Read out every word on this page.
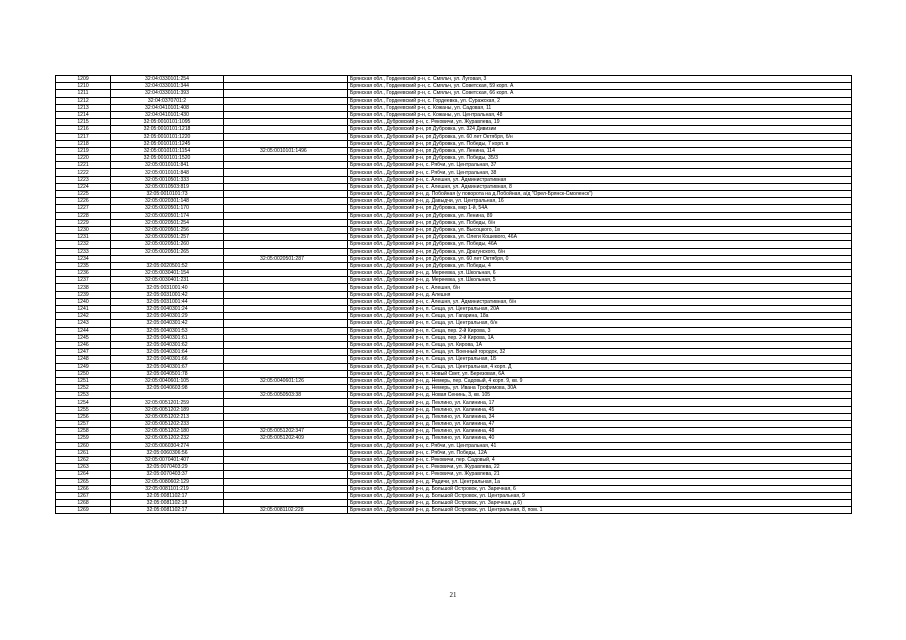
1209	32:04:0330101:254		Брянская обл., Гордеевский р-н, с. Смяльч, ул. Луговая, 3
1210	32:04:0330101:344		Брянская обл., Гордеевский р-н, с. Смяльч, ул. Советская, 59 корп. А
1211	32:04:0330101:393		Брянская обл., Гордеевский р-н, с. Смяльч, ул. Советская, 66 корп. А
1212	32:04:0370701:2		Брянская обл., Гордеевский р-н, с. Гордеевка, ул. Суражская, 2
1213	32:04:0410101:408		Брянская обл., Гордеевский р-н, с. Кожаны, ул. Садовая, 11
1214	32:04:0410101:430		Брянская обл., Гордеевский р-н, с. Кожаны, ул. Центральная, 48
1215	32:05:0010101:1095		Брянская обл., Дубровский р-н, с. Рековичи, ул. Журавлева, 19
1216	32:05:0010101:1218		Брянская обл., Дубровский р-н, рп Дубровка, ул. 324 Дивизии
1217	32:05:0010101:1220		Брянская обл., Дубровский р-н, рп Дубровка, ул. 60 лет Октября, б/н
1218	32:05:0010101:1245		Брянская обл., Дубровский р-н, рп Дубровка, ул. Победы, 7 корп. в
1219	32:05:0010101:1154	32:05:0010101:1496	Брянская обл., Дубровский р-н, рп Дубровка, ул. Ленина, 114
1220	32:05:0010101:1520		Брянская обл., Дубровский р-н, рп Дубровка, ул. Победы, 35/3
1221	32:05:0010101:841		Брянская обл., Дубровский р-н, с. Рябчи, ул. Центральная, 37
1222	32:05:0010101:848		Брянская обл., Дубровский р-н, с. Рябчи, ул. Центральная, 38
1223	32:05:0010501:333		Брянская обл., Дубровский р-н, с. Алешня, ул. Административная
1224	32:05:0010503:819		Брянская обл., Дубровский р-н, с. Алешня, ул. Административная, 8
1225	32:05:0010101:73		Брянская обл., Дубровский р-н, д. Побойная (у поворота на д.Побойная, а/д "Орел-Брянск-Смоленск")
1226	32:05:0020301:148		Брянская обл., Дубровский р-н, д. Давыдчи, ул. Центральная, 16
1227	32:05:0020501:170		Брянская обл., Дубровский р-н, рп Дубровка, мкр 1-й, 54А
1228	32:05:0020501:174		Брянская обл., Дубровский р-н, рп Дубровка, ул. Ленина, 89
1229	32:05:0020501:254		Брянская обл., Дубровский р-н, рп Дубровка, ул. Победы, б/н
1230	32:05:0020501:256		Брянская обл., Дубровский р-н, рп Дубровка, ул. Высоцкого, 1в
1231	32:05:0020501:257		Брянская обл., Дубровский р-н, рп Дубровка, ул. Олеги Кошевого, 46А
1232	32:05:0020501:260		Брянская обл., Дубровский р-н, рп Дубровка, ул. Победы, 46А
1233	32:05:0020501:265		Брянская обл., Дубровский р-н, рп Дубровка, ул. Драгунского, б/н
1234		32:05:0020501:287	Брянская обл., Дубровский р-н, рп Дубровка, ул. 60 лет Октября, 0
1235	32:05:0020501:52		Брянская обл., Дубровский р-н, рп Дубровка, ул. Победы, 4
1236	32:05:0030401:154		Брянская обл., Дубровский р-н, д. Мереевка, ул. Школьная, 6
1237	32:05:0030401:231		Брянская обл., Дубровский р-н, д. Мереевка, ул. Школьная, 5
1238	32:05:0031001:40		Брянская обл., Дубровский р-н, с. Алешня, б/н
1239	32:05:0031001:42		Брянская обл., Дубровский р-н, д. Алешня
1240	32:05:0031001:44		Брянская обл., Дубровский р-н, с. Алешня, ул. Административная, б/н
1241	32:05:0040301:24		Брянская обл., Дубровский р-н, п. Сеща, ул. Центральная, 20А
1242	32:05:0040301:29		Брянская обл., Дубровский р-н, п. Сеща, ул. Гагарина, 18а
1243	32:05:0040301:42		Брянская обл., Дубровский р-н, п. Сеща, ул. Центральная, б/н
1244	32:05:0040301:53		Брянская обл., Дубровский р-н, п. Сеща, пер. 2-й Кирова, 3
1245	32:05:0040301:61		Брянская обл., Дубровский р-н, п. Сеща, пер. 2-й Кирова, 1А
1246	32:05:0040301:62		Брянская обл., Дубровский р-н, п. Сеща, ул. Кирова, 1А
1247	32:05:0040301:64		Брянская обл., Дубровский р-н, п. Сеща, ул. Военный городок, 32
1248	32:05:0040301:66		Брянская обл., Дубровский р-н, п. Сеща, ул. Центральная, 1Б
1249	32:05:0040301:67		Брянская обл., Дубровский р-н, п. Сеща, ул. Центральная, 4 корп. Д
1250	32:05:0040501:78		Брянская обл., Дубровский р-н, п. Новый Свет, ул. Березовая, 6А
1251	32:05:0040601:105	32:05:0040601:126	Брянская обл., Дубровский р-н, д. Немерь, пер. Садовый, 4 корп. 9, кв. 9
1252	32:05:0040603:98		Брянская обл., Дубровский р-н, д. Немерь, ул. Ивана Трофимова, 30А
1253		32:05:0050503:38	Брянская обл., Дубровский р-н, д. Новая Сенинь, 3, кв. 105
1254	32:05:0051201:259		Брянская обл., Дубровский р-н, д. Пеклино, ул. Калинина, 17
1255	32:05:0051202:189		Брянская обл., Дубровский р-н, д. Пеклино, ул. Калинина, 45
1256	32:05:0051202:213		Брянская обл., Дубровский р-н, д. Пеклино, ул. Калинина, 34
1257	32:05:0051202:233		Брянская обл., Дубровский р-н, д. Пеклино, ул. Калинина, 47
1258	32:05:0051202:180	32:05:0051202:347	Брянская обл., Дубровский р-н, д. Пеклино, ул. Калинина, 48
1259	32:05:0051202:232	32:05:0051202:409	Брянская обл., Дубровский р-н, д. Пеклино, ул. Калинина, 40
1260	32:05:0060304:274		Брянская обл., Дубровский р-н, с. Рябчи, ул. Центральная, 41
1261	32:05:0060306:56		Брянская обл., Дубровский р-н, с. Рябчи, ул. Победы, 12А
1262	32:05:0070401:407		Брянская обл., Дубровский р-н, с. Рековичи, пер. Садовый, 4
1263	32:05:0070403:29		Брянская обл., Дубровский р-н, с. Рековичи, ул. Журавлева, 22
1264	32:05:0070403:37		Брянская обл., Дубровский р-н, с. Рековичи, ул. Журавлева, 21
1265	32:05:0080602:129		Брянская обл., Дубровский р-н, д. Радичи, ул. Центральная, 1а
1266	32:05:0081101:219		Брянская обл., Дубровский р-н, д. Большой Островок, ул. Заречная, 6
1267	32:05:0081102:17		Брянская обл., Дубровский р-н, д. Большой Островок, ул. Центральная, 9
1268	32:05:0081102:18		Брянская обл., Дубровский р-н, д. Большой Островок, ул. Заречная, д.6)
1269	32:05:0081102:17	32:05:0081102:228	Брянская обл., Дубровский р-н, д. Большой Островок, ул. Центральная, 8, пом. 1
21
